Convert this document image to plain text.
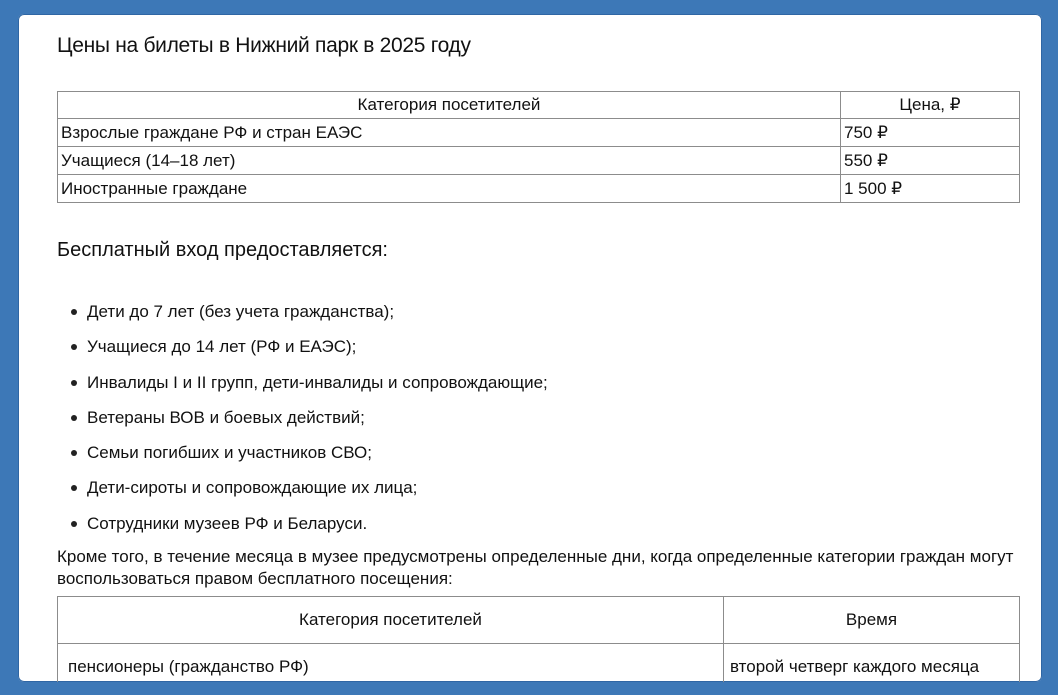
Цены на билеты в Нижний парк в 2025 году
Категория посетителей	Цена, ₽
Взрослые граждане РФ и стран ЕАЭС	750 ₽
Учащиеся (14–18 лет)	550 ₽
Иностранные граждане	1 500 ₽
Бесплатный вход предоставляется:
Дети до 7 лет (без учета гражданства);
Учащиеся до 14 лет (РФ и ЕАЭС);
Инвалиды I и II групп, дети-инвалиды и сопровождающие;
Ветераны ВОВ и боевых действий;
Семьи погибших и участников СВО;
Дети-сироты и сопровождающие их лица;
Сотрудники музеев РФ и Беларуси.

Кроме того, в течение месяца в музее предусмотрены определенные дни, когда определенные категории граждан могут воспользоваться правом бесплатного посещения:

Категория посетителей	Время
пенсионеры (гражданство РФ)	второй четверг каждого месяца
